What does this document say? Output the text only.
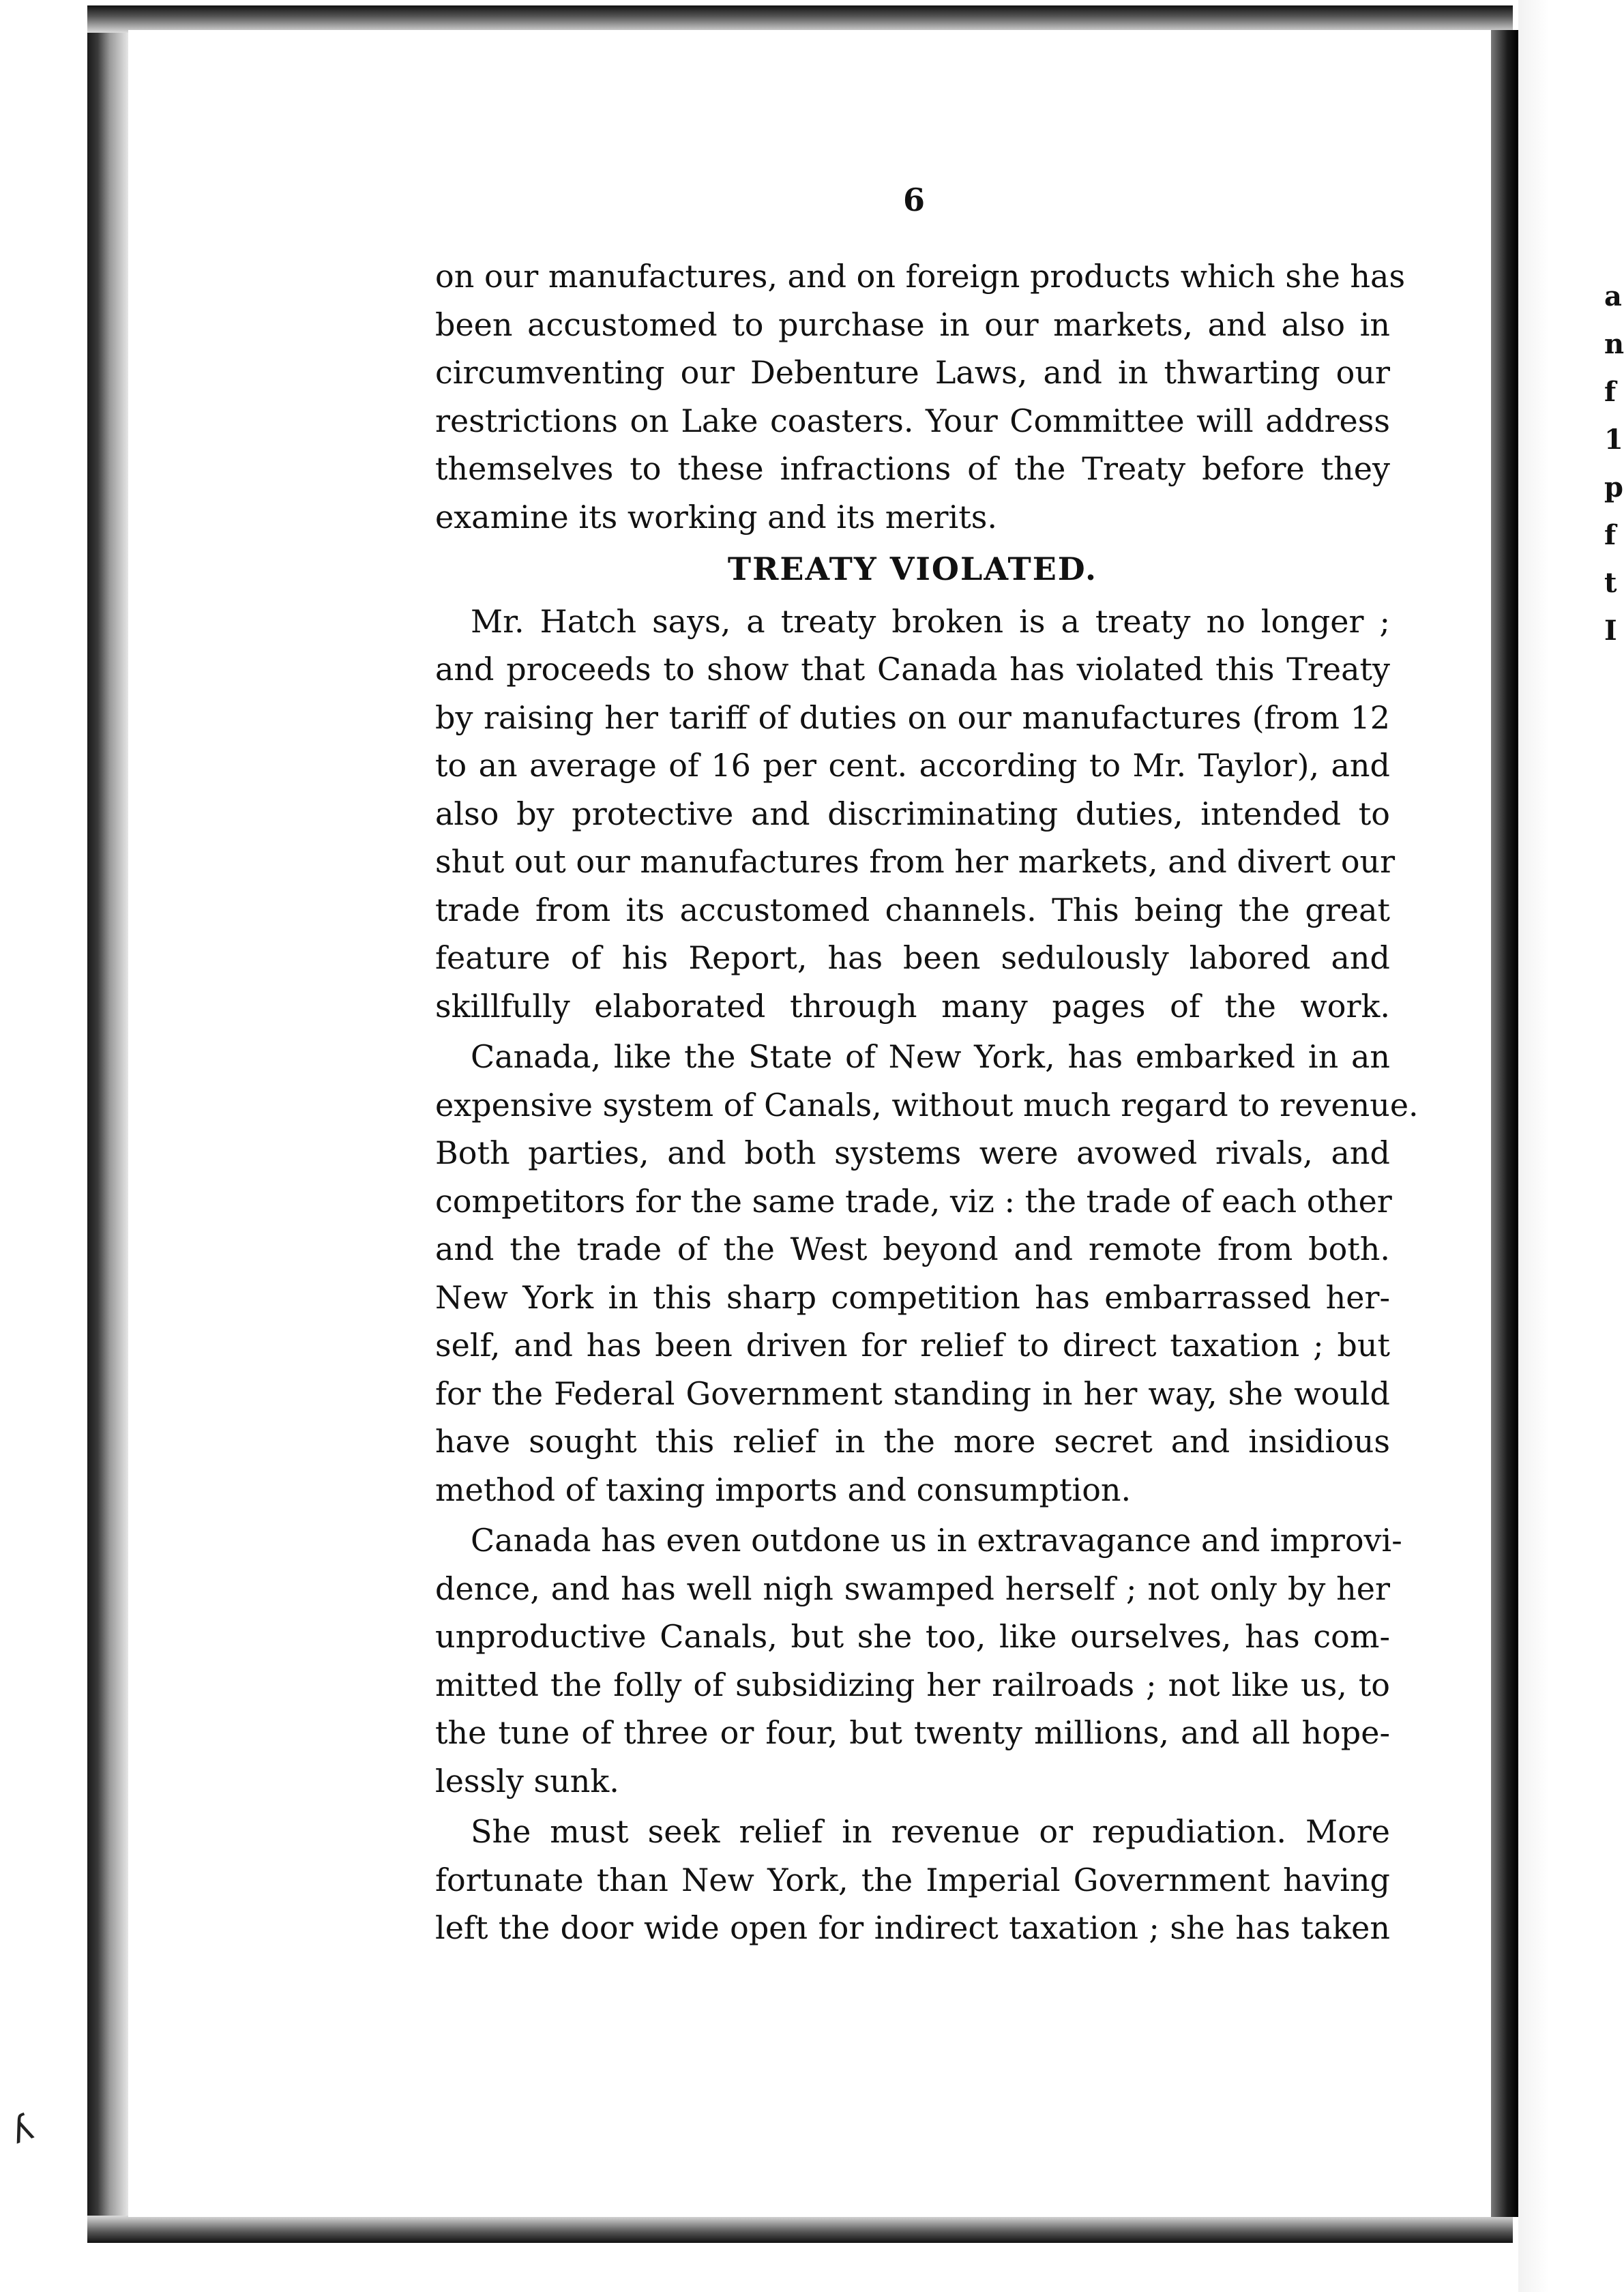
a
n
f
1
p
f
t
I
ʎ
6
on our manufactures, and on foreign products which she has
been accustomed to purchase in our markets, and also in
circumventing our Debenture Laws, and in thwarting our
restrictions on Lake coasters. Your Committee will address
themselves to these infractions of the Treaty before they
examine its working and its merits.
TREATY VIOLATED.
Mr. Hatch says, a treaty broken is a treaty no longer ;
and proceeds to show that Canada has violated this Treaty
by raising her tariff of duties on our manufactures (from 12
to an average of 16 per cent. according to Mr. Taylor), and
also by protective and discriminating duties, intended to
shut out our manufactures from her markets, and divert our
trade from its accustomed channels. This being the great
feature of his Report, has been sedulously labored and
skillfully elaborated through many pages of the work.
Canada, like the State of New York, has embarked in an
expensive system of Canals, without much regard to revenue.
Both parties, and both systems were avowed rivals, and
competitors for the same trade, viz : the trade of each other
and the trade of the West beyond and remote from both.
New York in this sharp competition has embarrassed her-
self, and has been driven for relief to direct taxation ; but
for the Federal Government standing in her way, she would
have sought this relief in the more secret and insidious
method of taxing imports and consumption.
Canada has even outdone us in extravagance and improvi-
dence, and has well nigh swamped herself ; not only by her
unproductive Canals, but she too, like ourselves, has com-
mitted the folly of subsidizing her railroads ; not like us, to
the tune of three or four, but twenty millions, and all hope-
lessly sunk.
She must seek relief in revenue or repudiation. More
fortunate than New York, the Imperial Government having
left the door wide open for indirect taxation ; she has taken
